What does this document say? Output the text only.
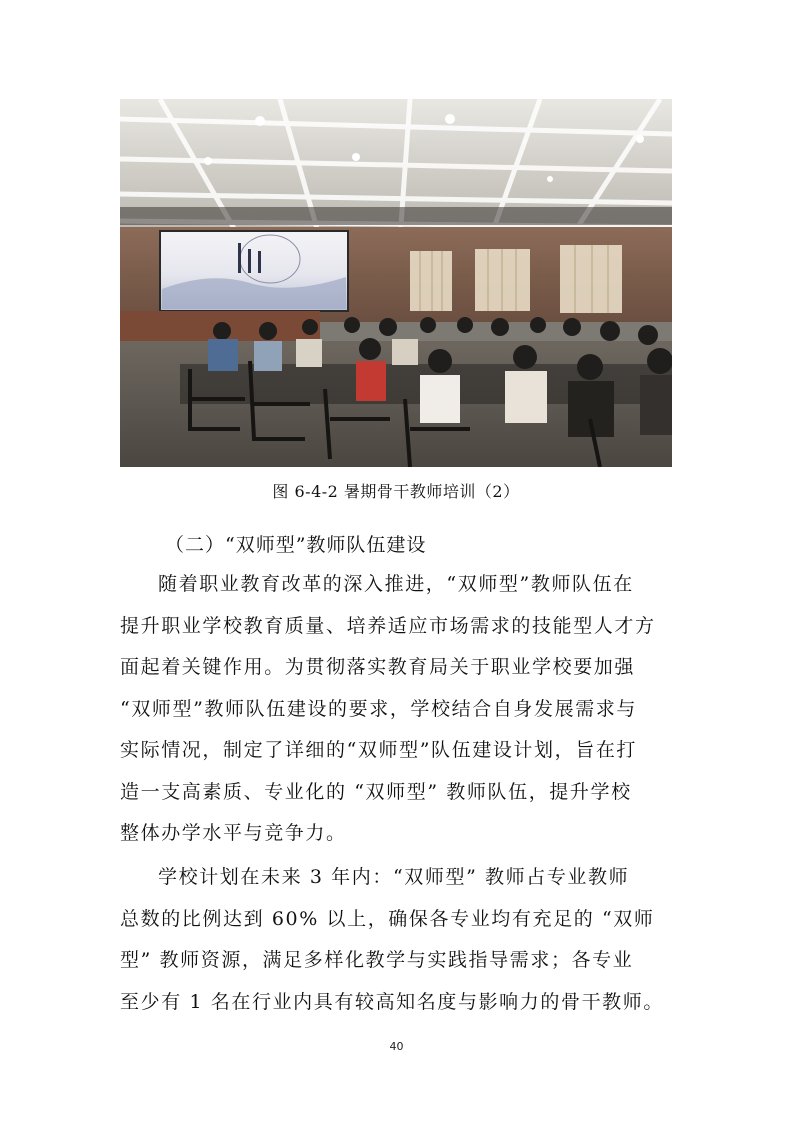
图 6-4-2 暑期骨干教师培训（2）
（二）“双师型”教师队伍建设
随着职业教育改革的深入推进，“双师型”教师队伍在
提升职业学校教育质量、培养适应市场需求的技能型人才方
面起着关键作用。为贯彻落实教育局关于职业学校要加强
“双师型”教师队伍建设的要求，学校结合自身发展需求与
实际情况，制定了详细的“双师型”队伍建设计划，旨在打
造一支高素质、专业化的 “双师型” 教师队伍，提升学校
整体办学水平与竞争力。
学校计划在未来 3 年内：“双师型” 教师占专业教师
总数的比例达到 60% 以上，确保各专业均有充足的 “双师
型” 教师资源，满足多样化教学与实践指导需求；各专业
至少有 1 名在行业内具有较高知名度与影响力的骨干教师。
40
